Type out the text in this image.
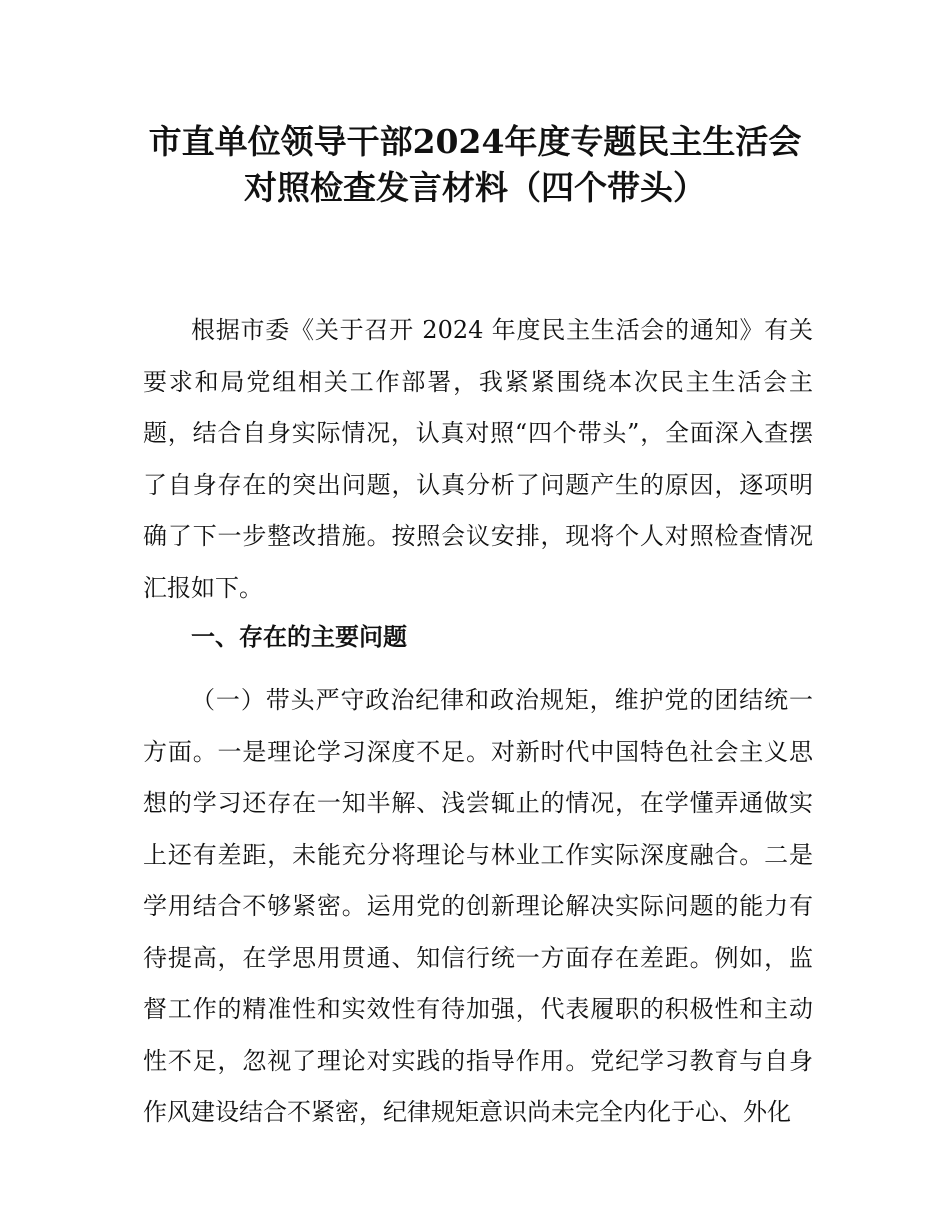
市直单位领导干部2024年度专题民主生活会
对照检查发言材料（四个带头）

根据市委《关于召开 2024 年度民主生活会的通知》有关要求和局党组相关工作部署，我紧紧围绕本次民主生活会主题，结合自身实际情况，认真对照“四个带头”，全面深入查摆了自身存在的突出问题，认真分析了问题产生的原因，逐项明确了下一步整改措施。按照会议安排，现将个人对照检查情况汇报如下。

一、存在的主要问题

（一）带头严守政治纪律和政治规矩，维护党的团结统一方面。一是理论学习深度不足。对新时代中国特色社会主义思想的学习还存在一知半解、浅尝辄止的情况，在学懂弄通做实上还有差距，未能充分将理论与林业工作实际深度融合。二是学用结合不够紧密。运用党的创新理论解决实际问题的能力有待提高，在学思用贯通、知信行统一方面存在差距。例如，监督工作的精准性和实效性有待加强，代表履职的积极性和主动性不足，忽视了理论对实践的指导作用。党纪学习教育与自身作风建设结合不紧密，纪律规矩意识尚未完全内化于心、外化
